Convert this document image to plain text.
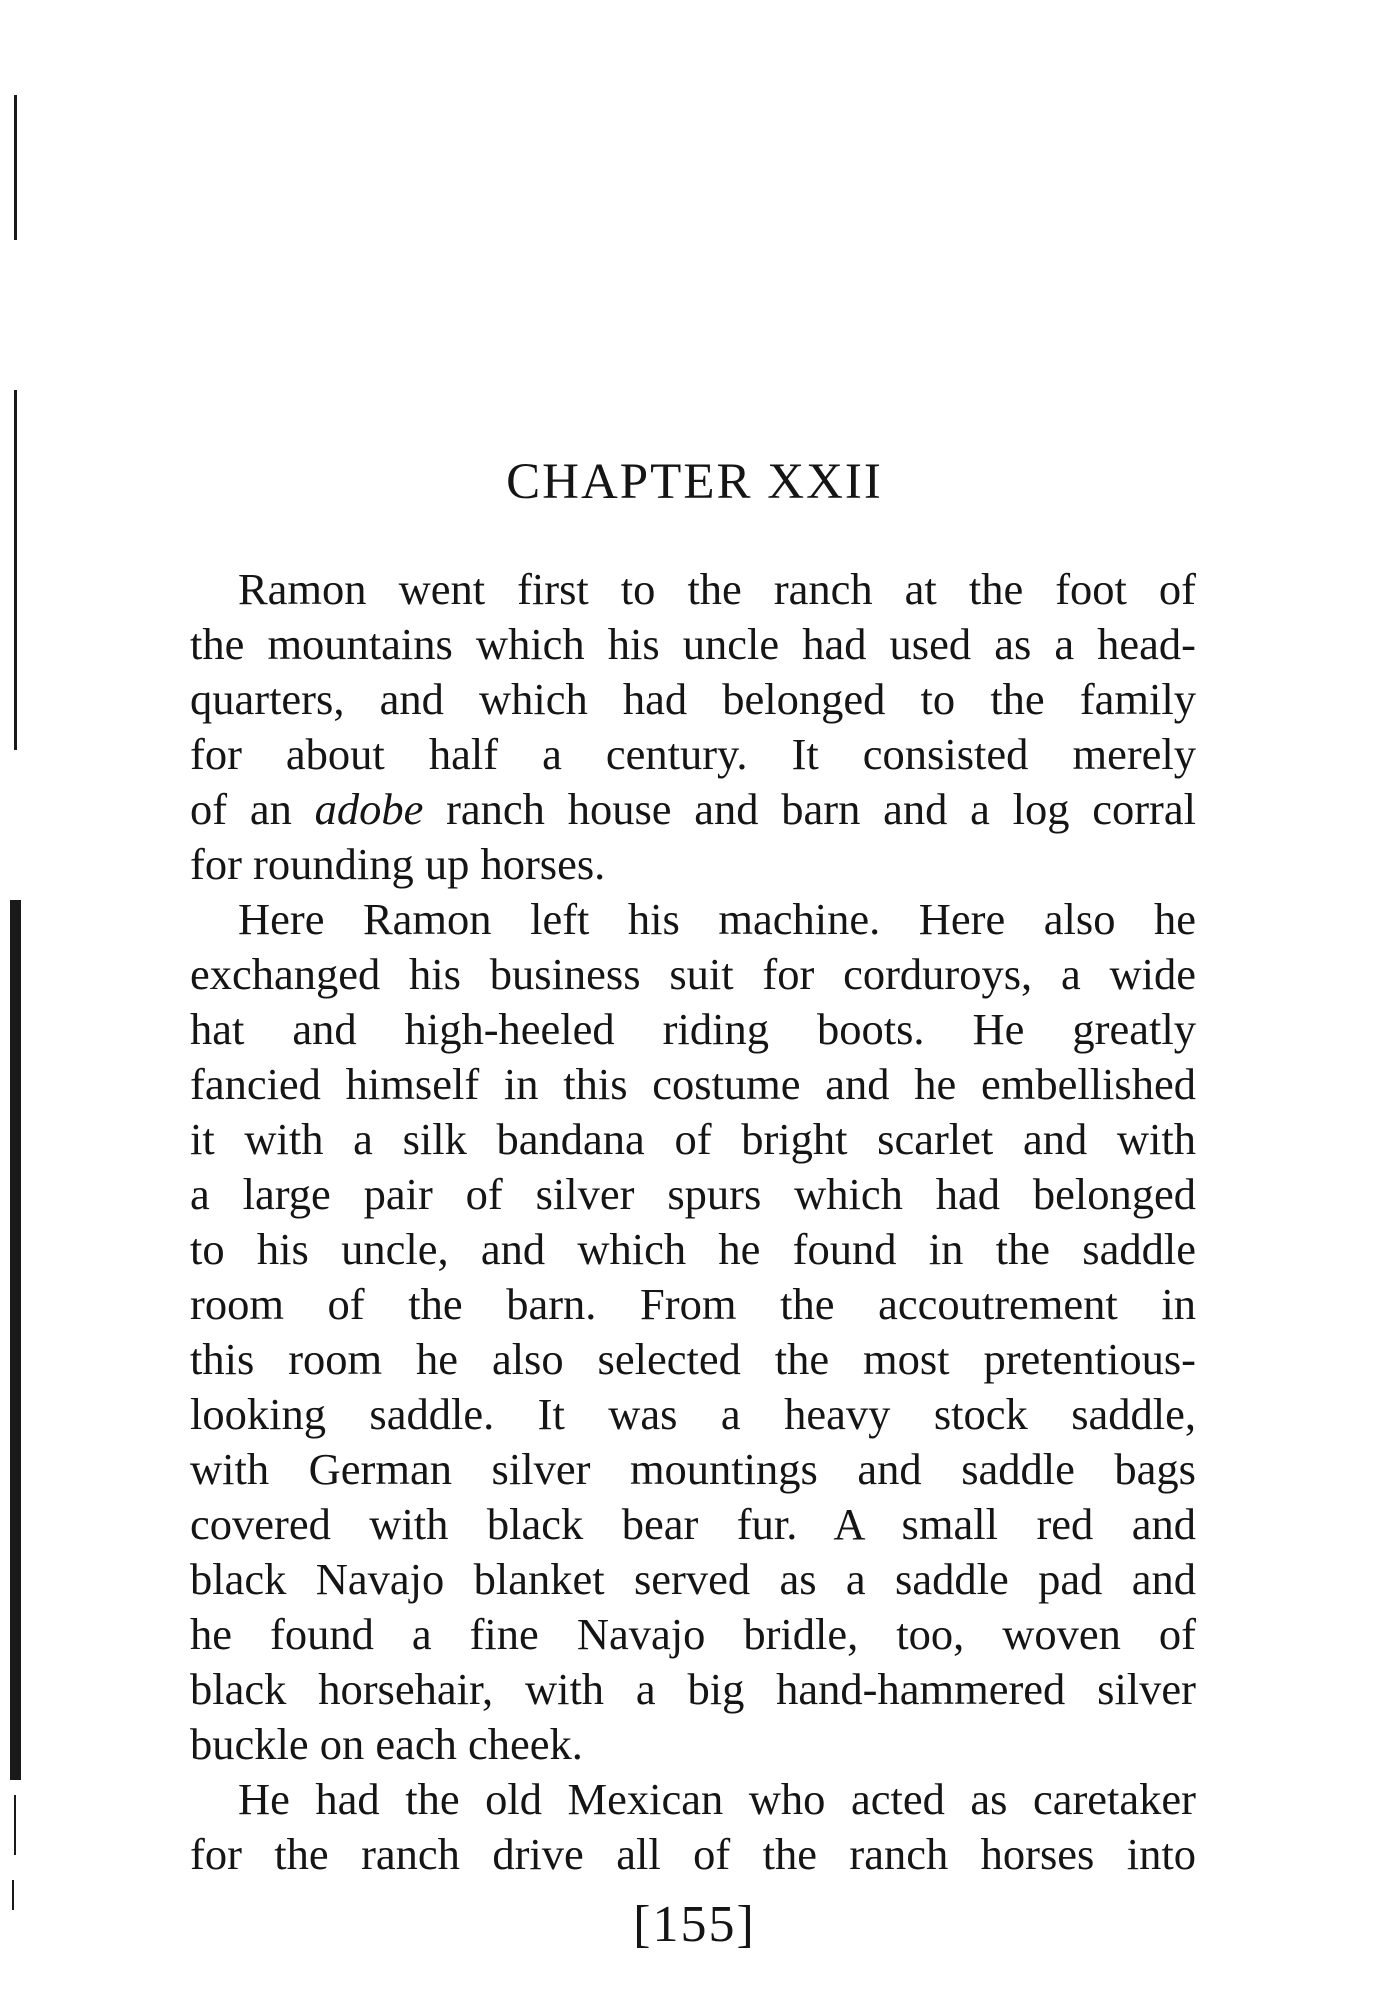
CHAPTER XXII
Ramon went first to the ranch at the foot of
the mountains which his uncle had used as a head-
quarters, and which had belonged to the family
for about half a century. It consisted merely
of an adobe ranch house and barn and a log corral
for rounding up horses.
Here Ramon left his machine. Here also he
exchanged his business suit for corduroys, a wide
hat and high-heeled riding boots. He greatly
fancied himself in this costume and he embellished
it with a silk bandana of bright scarlet and with
a large pair of silver spurs which had belonged
to his uncle, and which he found in the saddle
room of the barn. From the accoutrement in
this room he also selected the most pretentious-
looking saddle. It was a heavy stock saddle,
with German silver mountings and saddle bags
covered with black bear fur. A small red and
black Navajo blanket served as a saddle pad and
he found a fine Navajo bridle, too, woven of
black horsehair, with a big hand-hammered silver
buckle on each cheek.
He had the old Mexican who acted as caretaker
for the ranch drive all of the ranch horses into
[155]
